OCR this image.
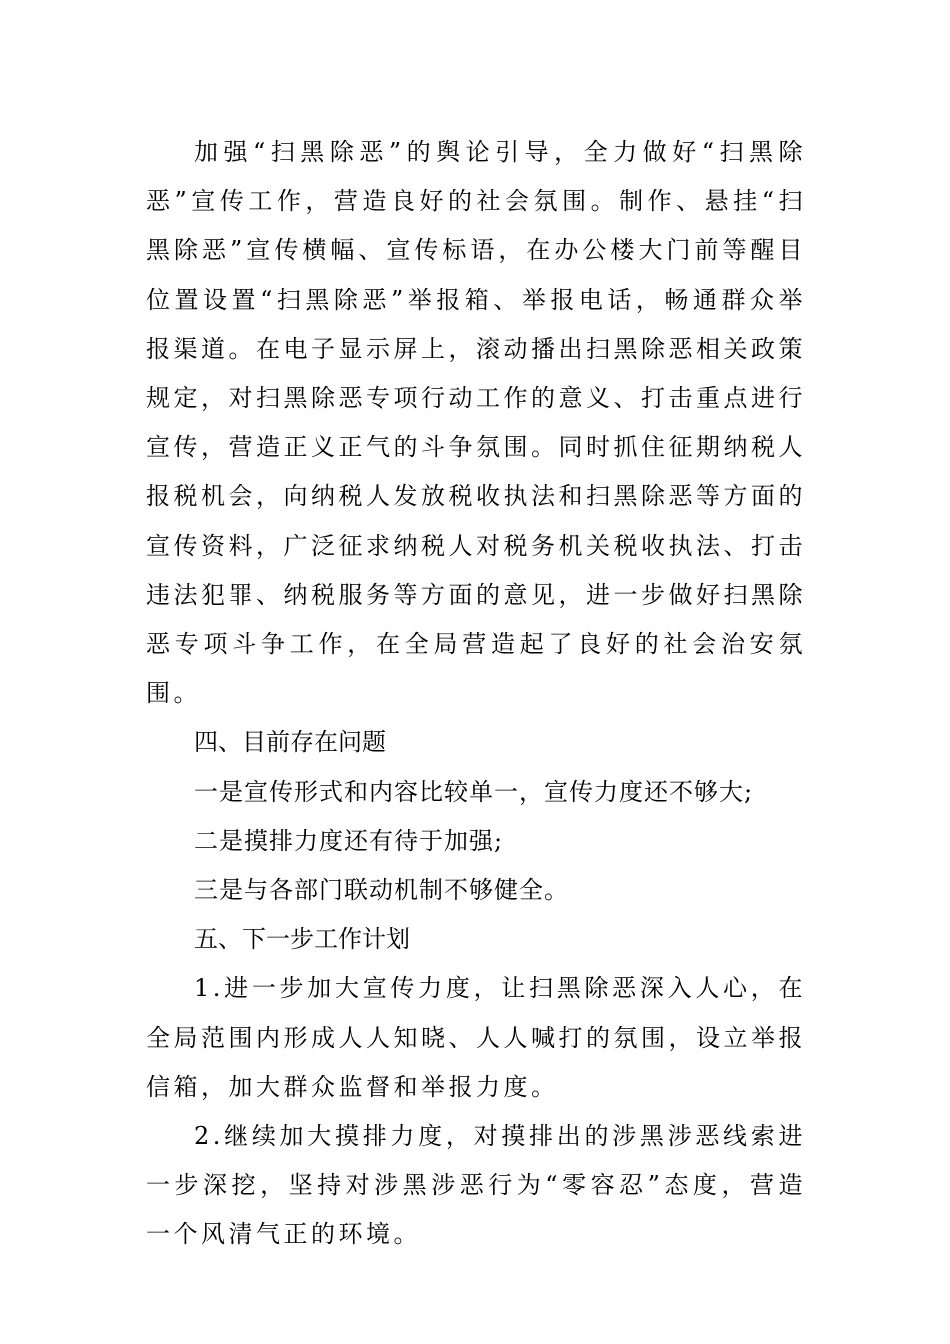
加强“扫黑除恶”的舆论引导，全力做好“扫黑除恶”宣传工作，营造良好的社会氛围。制作、悬挂“扫黑除恶”宣传横幅、宣传标语，在办公楼大门前等醒目位置设置“扫黑除恶”举报箱、举报电话，畅通群众举报渠道。在电子显示屏上，滚动播出扫黑除恶相关政策规定，对扫黑除恶专项行动工作的意义、打击重点进行宣传，营造正义正气的斗争氛围。同时抓住征期纳税人报税机会，向纳税人发放税收执法和扫黑除恶等方面的宣传资料，广泛征求纳税人对税务机关税收执法、打击违法犯罪、纳税服务等方面的意见，进一步做好扫黑除恶专项斗争工作，在全局营造起了良好的社会治安氛围。

四、目前存在问题

一是宣传形式和内容比较单一，宣传力度还不够大;

二是摸排力度还有待于加强;

三是与各部门联动机制不够健全。

五、下一步工作计划

1.进一步加大宣传力度，让扫黑除恶深入人心，在全局范围内形成人人知晓、人人喊打的氛围，设立举报信箱，加大群众监督和举报力度。

2.继续加大摸排力度，对摸排出的涉黑涉恶线索进一步深挖，坚持对涉黑涉恶行为“零容忍”态度，营造一个风清气正的环境。
